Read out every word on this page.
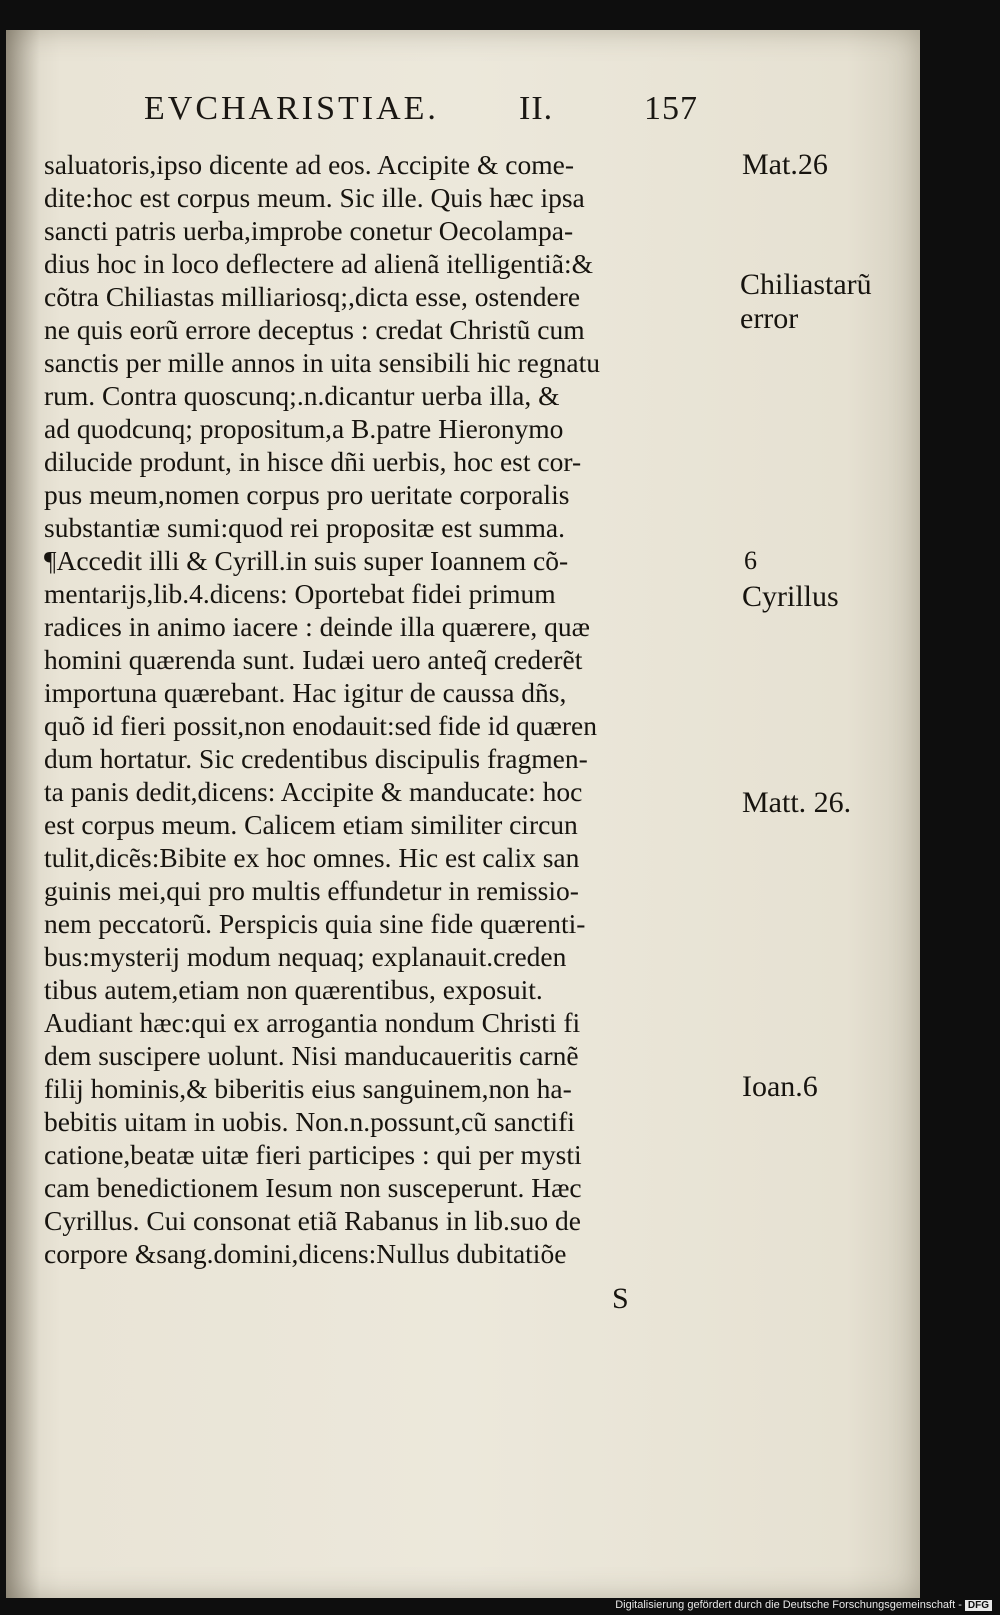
EVCHARISTIAE. II.	157
saluatoris,ipso dicente ad eos. Accipite & come-
dite:hoc est corpus meum. Sic ille. Quis hæc ipsa
sancti patris uerba,improbe conetur Oecolampa-
dius hoc in loco deflectere ad alienã itelligentiã:&
cõtra Chiliastas milliariosq;,dicta esse, ostendere
ne quis eorũ errore deceptus : credat Christũ cum
sanctis per mille annos in uita sensibili hic regnatu
rum. Contra quoscunq;.n.dicantur uerba illa, &
ad quodcunq; propositum,a B.patre Hieronymo
dilucide produnt, in hisce dñi uerbis, hoc est cor-
pus meum,nomen corpus pro ueritate corporalis
substantiæ sumi:quod rei propositæ est summa.
¶Accedit illi & Cyrill.in suis super Ioannem cõ-
mentarijs,lib.4.dicens: Oportebat fidei primum
radices in animo iacere : deinde illa quærere, quæ
homini quærenda sunt. Iudæi uero anteq̃ crederẽt
importuna quærebant. Hac igitur de caussa dñs,
quõ id fieri possit,non enodauit:sed fide id quæren
dum hortatur. Sic credentibus discipulis fragmen-
ta panis dedit,dicens: Accipite & manducate: hoc
est corpus meum. Calicem etiam similiter circun
tulit,dicẽs:Bibite ex hoc omnes. Hic est calix san
guinis mei,qui pro multis effundetur in remissio-
nem peccatorũ. Perspicis quia sine fide quærenti-
bus:mysterij modum nequaq; explanauit.creden
tibus autem,etiam non quærentibus, exposuit.
Audiant hæc:qui ex arrogantia nondum Christi fi
dem suscipere uolunt. Nisi manducaueritis carnẽ
filij hominis,& biberitis eius sanguinem,non ha-
bebitis uitam in uobis. Non.n.possunt,cũ sanctifi
catione,beatæ uitæ fieri participes : qui per mysti
cam benedictionem Iesum non susceperunt. Hæc
Cyrillus. Cui consonat etiã Rabanus in lib.suo de
corpore &sang.domini,dicens:Nullus dubitatiõe
S
Mat.26
Chiliastarũ
error
6
Cyrillus
Matt. 26.
Ioan.6
Digitalisierung gefördert durch die Deutsche Forschungsgemeinschaft - DFG
